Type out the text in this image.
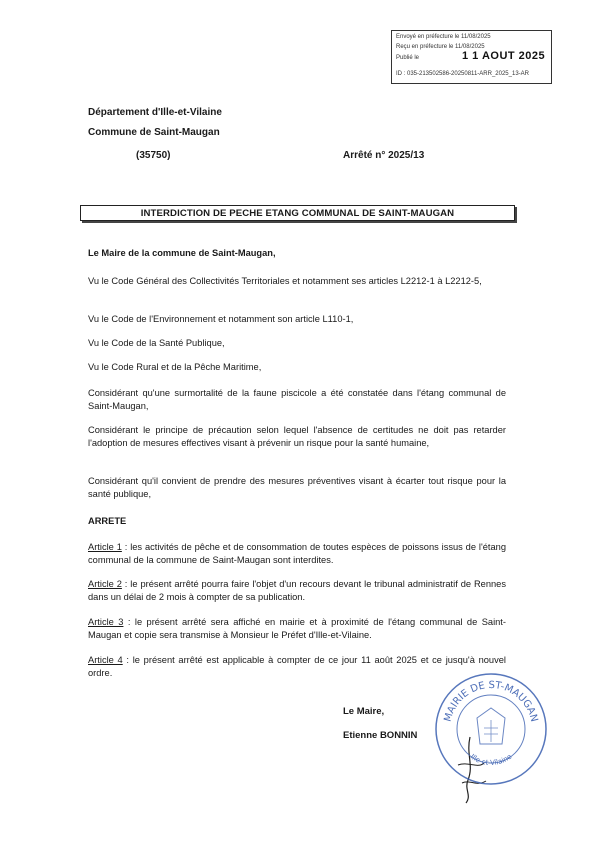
Envoyé en préfecture le 11/08/2025
Reçu en préfecture le 11/08/2025
Publié le	1 1 AOUT 2025
ID : 035-213502586-20250811-ARR_2025_13-AR
Département d'Ille-et-Vilaine
Commune de Saint-Maugan
(35750)	Arrêté n° 2025/13
INTERDICTION DE PECHE ETANG COMMUNAL DE SAINT-MAUGAN
Le Maire de la commune de Saint-Maugan,
Vu le Code Général des Collectivités Territoriales et notamment ses articles L2212-1 à L2212-5,
Vu le Code de l'Environnement et notamment son article L110-1,
Vu le Code de la Santé Publique,
Vu le Code Rural et de la Pêche Maritime,
Considérant qu'une surmortalité de la faune piscicole a été constatée dans l'étang communal de Saint-Maugan,
Considérant le principe de précaution selon lequel l'absence de certitudes ne doit pas retarder l'adoption de mesures effectives visant à prévenir un risque pour la santé humaine,
Considérant qu'il convient de prendre des mesures préventives visant à écarter tout risque pour la santé publique,
ARRETE
Article 1 : les activités de pêche et de consommation de toutes espèces de poissons issus de l'étang communal de la commune de Saint-Maugan sont interdites.
Article 2 : le présent arrêté pourra faire l'objet d'un recours devant le tribunal administratif de Rennes dans un délai de 2 mois à compter de sa publication.
Article 3 : le présent arrêté sera affiché en mairie et à proximité de l'étang communal de Saint-Maugan et copie sera transmise à Monsieur le Préfet d'Ille-et-Vilaine.
Article 4 : le présent arrêté est applicable à compter de ce jour 11 août 2025 et ce jusqu'à nouvel ordre.
Le Maire,
Etienne BONNIN
MAIRIE DE ST-MAUGAN
Ille-et-Vilaine
